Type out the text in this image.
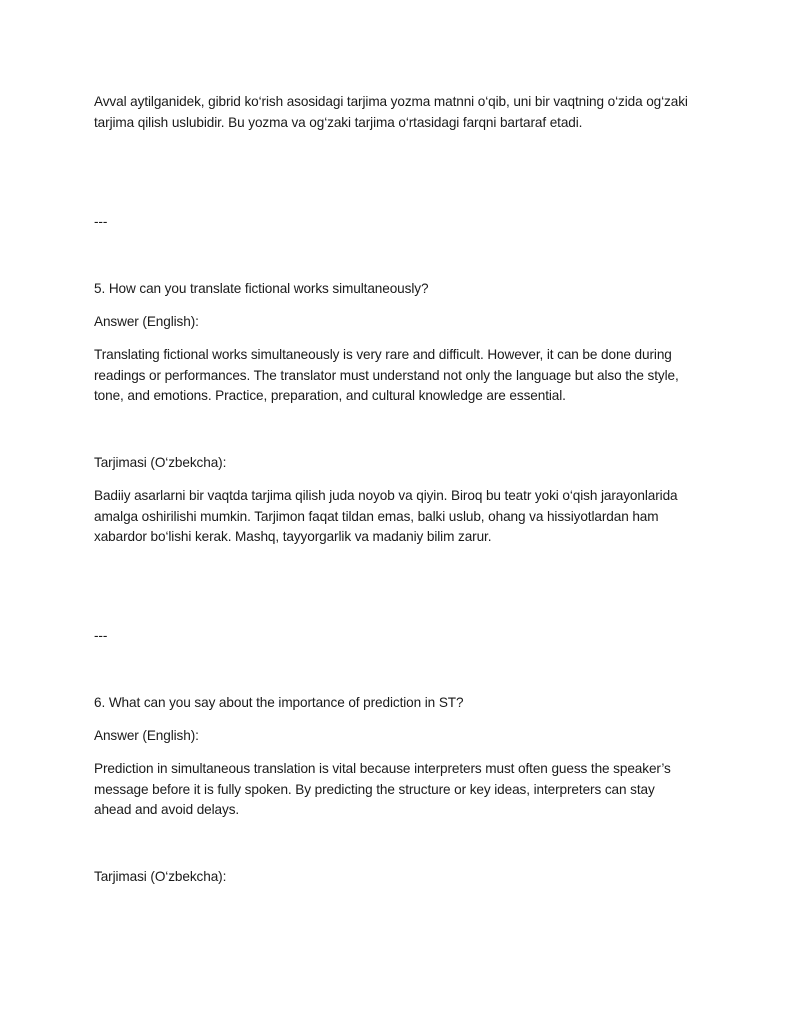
Avval aytilganidek, gibrid ko‘rish asosidagi tarjima yozma matnni o‘qib, uni bir vaqtning o‘zida og‘zaki tarjima qilish uslubidir. Bu yozma va og‘zaki tarjima o‘rtasidagi farqni bartaraf etadi.

---

5. How can you translate fictional works simultaneously?

Answer (English):

Translating fictional works simultaneously is very rare and difficult. However, it can be done during readings or performances. The translator must understand not only the language but also the style, tone, and emotions. Practice, preparation, and cultural knowledge are essential.

Tarjimasi (O‘zbekcha):

Badiiy asarlarni bir vaqtda tarjima qilish juda noyob va qiyin. Biroq bu teatr yoki o‘qish jarayonlarida amalga oshirilishi mumkin. Tarjimon faqat tildan emas, balki uslub, ohang va hissiyotlardan ham xabardor bo‘lishi kerak. Mashq, tayyorgarlik va madaniy bilim zarur.

---

6. What can you say about the importance of prediction in ST?

Answer (English):

Prediction in simultaneous translation is vital because interpreters must often guess the speaker’s message before it is fully spoken. By predicting the structure or key ideas, interpreters can stay ahead and avoid delays.

Tarjimasi (O‘zbekcha):
